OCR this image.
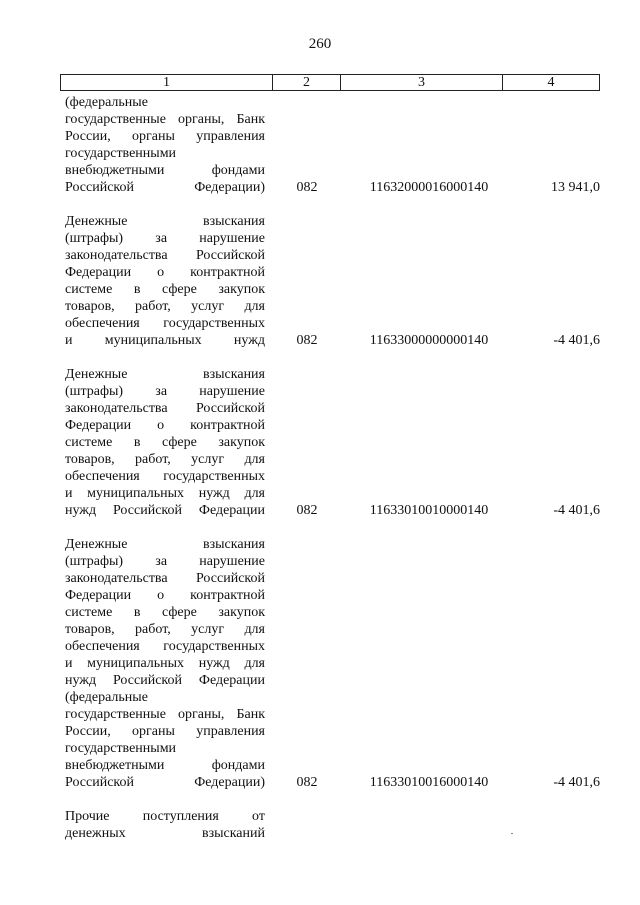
260
1	2	3	4
(федеральные
государственные органы, Банк
России, органы управления
государственными
внебюджетными фондами
Российской Федерации)	082	11632000016000140	13 941,0
Денежные взыскания
(штрафы) за нарушение
законодательства Российской
Федерации о контрактной
системе в сфере закупок
товаров, работ, услуг для
обеспечения государственных
и муниципальных нужд	082	11633000000000140	-4 401,6
Денежные взыскания
(штрафы) за нарушение
законодательства Российской
Федерации о контрактной
системе в сфере закупок
товаров, работ, услуг для
обеспечения государственных
и муниципальных нужд для
нужд Российской Федерации	082	11633010010000140	-4 401,6
Денежные взыскания
(штрафы) за нарушение
законодательства Российской
Федерации о контрактной
системе в сфере закупок
товаров, работ, услуг для
обеспечения государственных
и муниципальных нужд для
нужд Российской Федерации
(федеральные
государственные органы, Банк
России, органы управления
государственными
внебюджетными фондами
Российской Федерации)	082	11633010016000140	-4 401,6
Прочие поступления от
денежных взысканий
